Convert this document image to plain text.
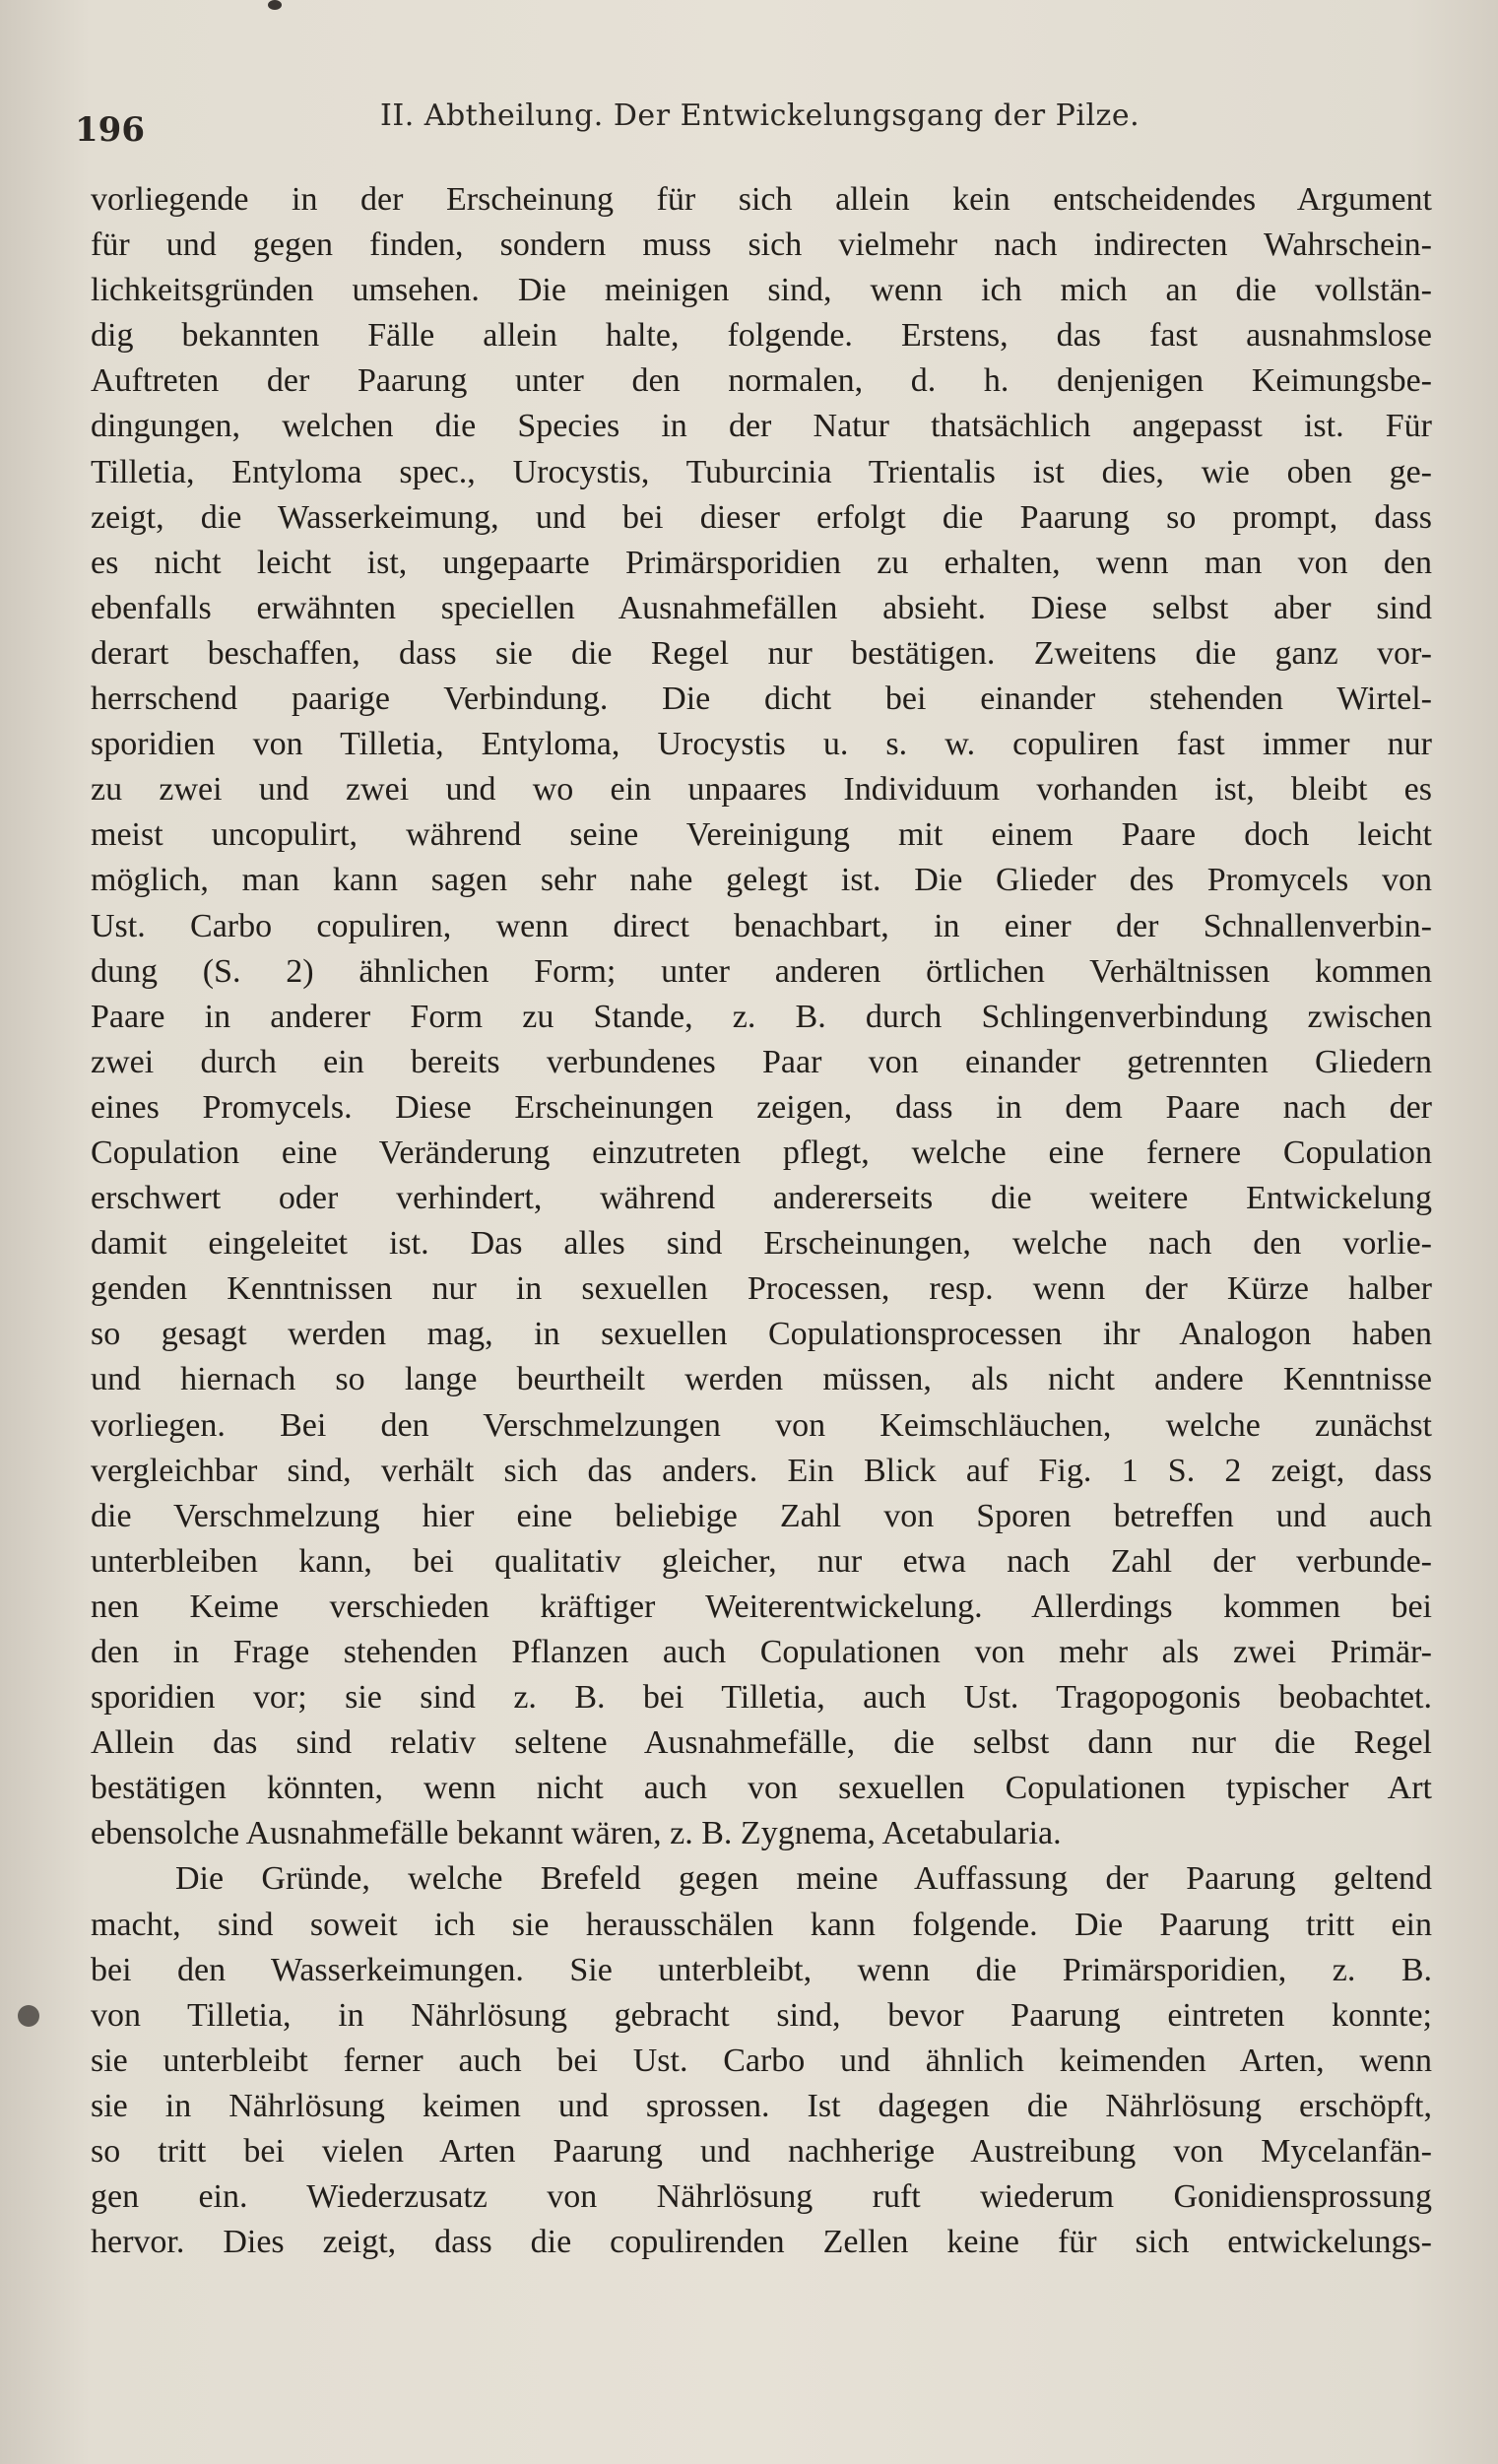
196	II. Abtheilung. Der Entwickelungsgang der Pilze.
vorliegende in der Erscheinung für sich allein kein entscheidendes Argument
für und gegen finden, sondern muss sich vielmehr nach indirecten Wahrschein-
lichkeitsgründen umsehen. Die meinigen sind, wenn ich mich an die vollstän-
dig bekannten Fälle allein halte, folgende. Erstens, das fast ausnahmslose
Auftreten der Paarung unter den normalen, d. h. denjenigen Keimungsbe-
dingungen, welchen die Species in der Natur thatsächlich angepasst ist. Für
Tilletia, Entyloma spec., Urocystis, Tuburcinia Trientalis ist dies, wie oben ge-
zeigt, die Wasserkeimung, und bei dieser erfolgt die Paarung so prompt, dass
es nicht leicht ist, ungepaarte Primärsporidien zu erhalten, wenn man von den
ebenfalls erwähnten speciellen Ausnahmefällen absieht. Diese selbst aber sind
derart beschaffen, dass sie die Regel nur bestätigen. Zweitens die ganz vor-
herrschend paarige Verbindung. Die dicht bei einander stehenden Wirtel-
sporidien von Tilletia, Entyloma, Urocystis u. s. w. copuliren fast immer nur
zu zwei und zwei und wo ein unpaares Individuum vorhanden ist, bleibt es
meist uncopulirt, während seine Vereinigung mit einem Paare doch leicht
möglich, man kann sagen sehr nahe gelegt ist. Die Glieder des Promycels von
Ust. Carbo copuliren, wenn direct benachbart, in einer der Schnallenverbin-
dung (S. 2) ähnlichen Form; unter anderen örtlichen Verhältnissen kommen
Paare in anderer Form zu Stande, z. B. durch Schlingenverbindung zwischen
zwei durch ein bereits verbundenes Paar von einander getrennten Gliedern
eines Promycels. Diese Erscheinungen zeigen, dass in dem Paare nach der
Copulation eine Veränderung einzutreten pflegt, welche eine fernere Copulation
erschwert oder verhindert, während andererseits die weitere Entwickelung
damit eingeleitet ist. Das alles sind Erscheinungen, welche nach den vorlie-
genden Kenntnissen nur in sexuellen Processen, resp. wenn der Kürze halber
so gesagt werden mag, in sexuellen Copulationsprocessen ihr Analogon haben
und hiernach so lange beurtheilt werden müssen, als nicht andere Kenntnisse
vorliegen. Bei den Verschmelzungen von Keimschläuchen, welche zunächst
vergleichbar sind, verhält sich das anders. Ein Blick auf Fig. 1 S. 2 zeigt, dass
die Verschmelzung hier eine beliebige Zahl von Sporen betreffen und auch
unterbleiben kann, bei qualitativ gleicher, nur etwa nach Zahl der verbunde-
nen Keime verschieden kräftiger Weiterentwickelung. Allerdings kommen bei
den in Frage stehenden Pflanzen auch Copulationen von mehr als zwei Primär-
sporidien vor; sie sind z. B. bei Tilletia, auch Ust. Tragopogonis beobachtet.
Allein das sind relativ seltene Ausnahmefälle, die selbst dann nur die Regel
bestätigen könnten, wenn nicht auch von sexuellen Copulationen typischer Art
ebensolche Ausnahmefälle bekannt wären, z. B. Zygnema, Acetabularia.
Die Gründe, welche Brefeld gegen meine Auffassung der Paarung geltend
macht, sind soweit ich sie herausschälen kann folgende. Die Paarung tritt ein
bei den Wasserkeimungen. Sie unterbleibt, wenn die Primärsporidien, z. B.
von Tilletia, in Nährlösung gebracht sind, bevor Paarung eintreten konnte;
sie unterbleibt ferner auch bei Ust. Carbo und ähnlich keimenden Arten, wenn
sie in Nährlösung keimen und sprossen. Ist dagegen die Nährlösung erschöpft,
so tritt bei vielen Arten Paarung und nachherige Austreibung von Mycelanfän-
gen ein. Wiederzusatz von Nährlösung ruft wiederum Gonidiensprossung
hervor. Dies zeigt, dass die copulirenden Zellen keine für sich entwickelungs-
